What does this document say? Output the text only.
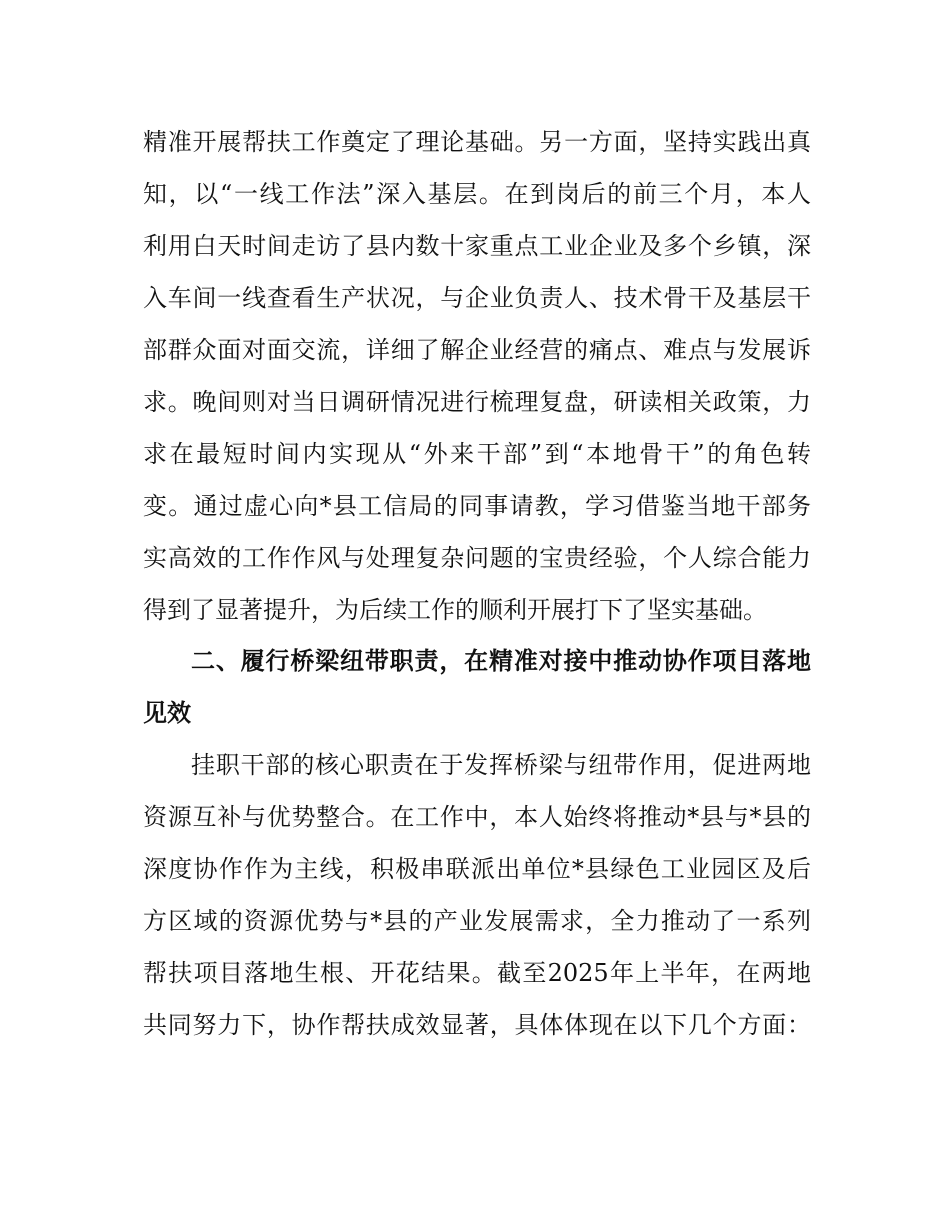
精准开展帮扶工作奠定了理论基础。另一方面，坚持实践出真
知，以“一线工作法”深入基层。在到岗后的前三个月，本人
利用白天时间走访了县内数十家重点工业企业及多个乡镇，深
入车间一线查看生产状况，与企业负责人、技术骨干及基层干
部群众面对面交流，详细了解企业经营的痛点、难点与发展诉
求。晚间则对当日调研情况进行梳理复盘，研读相关政策，力
求在最短时间内实现从“外来干部”到“本地骨干”的角色转
变。通过虚心向*县工信局的同事请教，学习借鉴当地干部务
实高效的工作作风与处理复杂问题的宝贵经验，个人综合能力
得到了显著提升，为后续工作的顺利开展打下了坚实基础。
二、履行桥梁纽带职责，在精准对接中推动协作项目落地
见效
挂职干部的核心职责在于发挥桥梁与纽带作用，促进两地
资源互补与优势整合。在工作中，本人始终将推动*县与*县的
深度协作作为主线，积极串联派出单位*县绿色工业园区及后
方区域的资源优势与*县的产业发展需求，全力推动了一系列
帮扶项目落地生根、开花结果。截至2025年上半年，在两地
共同努力下，协作帮扶成效显著，具体体现在以下几个方面：
